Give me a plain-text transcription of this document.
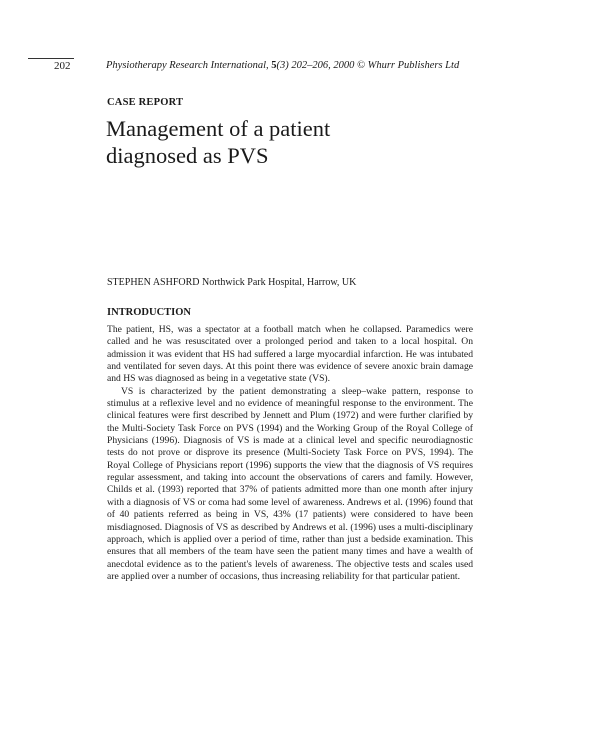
202	Physiotherapy Research International, 5(3) 202–206, 2000 © Whurr Publishers Ltd
CASE REPORT
Management of a patient
diagnosed as PVS
STEPHEN ASHFORD Northwick Park Hospital, Harrow, UK
INTRODUCTION

The patient, HS, was a spectator at a football match when he collapsed. Paramedics were called and he was resuscitated over a prolonged period and taken to a local hospital. On admission it was evident that HS had suffered a large myocardial infarction. He was intubated and ventilated for seven days. At this point there was evidence of severe anoxic brain damage and HS was diagnosed as being in a vegetative state (VS).

VS is characterized by the patient demonstrating a sleep–wake pattern, response to stimulus at a reflexive level and no evidence of meaningful response to the environment. The clinical features were first described by Jennett and Plum (1972) and were further clarified by the Multi-Society Task Force on PVS (1994) and the Working Group of the Royal College of Physicians (1996). Diagnosis of VS is made at a clinical level and specific neurodiagnostic tests do not prove or disprove its presence (Multi-Society Task Force on PVS, 1994). The Royal College of Physicians report (1996) supports the view that the diagnosis of VS requires regular assessment, and taking into account the observations of carers and family. However, Childs et al. (1993) reported that 37% of patients admitted more than one month after injury with a diagnosis of VS or coma had some level of awareness. Andrews et al. (1996) found that of 40 patients referred as being in VS, 43% (17 patients) were considered to have been misdiagnosed. Diagnosis of VS as described by Andrews et al. (1996) uses a multi-disciplinary approach, which is applied over a period of time, rather than just a bedside examination. This ensures that all members of the team have seen the patient many times and have a wealth of anecdotal evidence as to the patient's levels of awareness. The objective tests and scales used are applied over a number of occasions, thus increasing reliability for that particular patient.
